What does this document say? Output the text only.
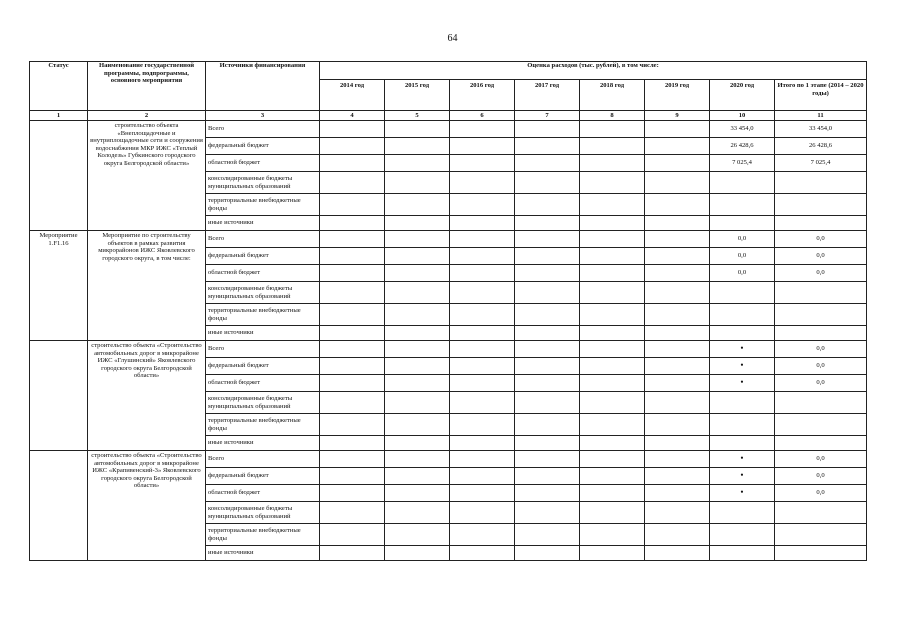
64
Статус	Наименование государственной программы, подпрограммы, основного мероприятия	Источники финансирования	Оценка расходов (тыс. рублей), в том числе:							
			2014 год	2015 год	2016 год	2017 год	2018 год	2019 год	2020 год	Итого по 1 этапе (2014 – 2020 годы)
1	2	3	4	5	6	7	8	9	10	11
	строительство объекта «Внеплощадочные и внутриплощадочные сети и сооружения водоснабжения МКР ИЖС «Теплый Колодезь» Губкинского городского округа Белгородской области»	Всего							33 454,0	33 454,0
		федеральный бюджет							26 428,6	26 428,6
		областной бюджет							7 025,4	7 025,4
		консолидированные бюджеты муниципальных образований								
		территориальные внебюджетные фонды								
		иные источники								
Мероприятие 1.F1.16	Мероприятие по строительству объектов в рамках развития микрорайонов ИЖС Яковлевского городского округа, в том числе:	Всего							0,0	0,0
		федеральный бюджет							0,0	0,0
		областной бюджет							0,0	0,0
		консолидированные бюджеты муниципальных образований								
		территориальные внебюджетные фонды								
		иные источники								
	строительство объекта «Строительство автомобильных дорог в микрорайоне ИЖС «Глушинский» Яковлевского городского округа Белгородской области»	Всего							•	0,0
		федеральный бюджет							•	0,0
		областной бюджет							•	0,0
		консолидированные бюджеты муниципальных образований								
		территориальные внебюджетные фонды								
		иные источники								
	строительство объекта «Строительство автомобильных дорог в микрорайоне ИЖС «Крапивенский-3» Яковлевского городского округа Белгородской области»	Всего							•	0,0
		федеральный бюджет							•	0,0
		областной бюджет							•	0,0
		консолидированные бюджеты муниципальных образований								
		территориальные внебюджетные фонды								
		иные источники								
